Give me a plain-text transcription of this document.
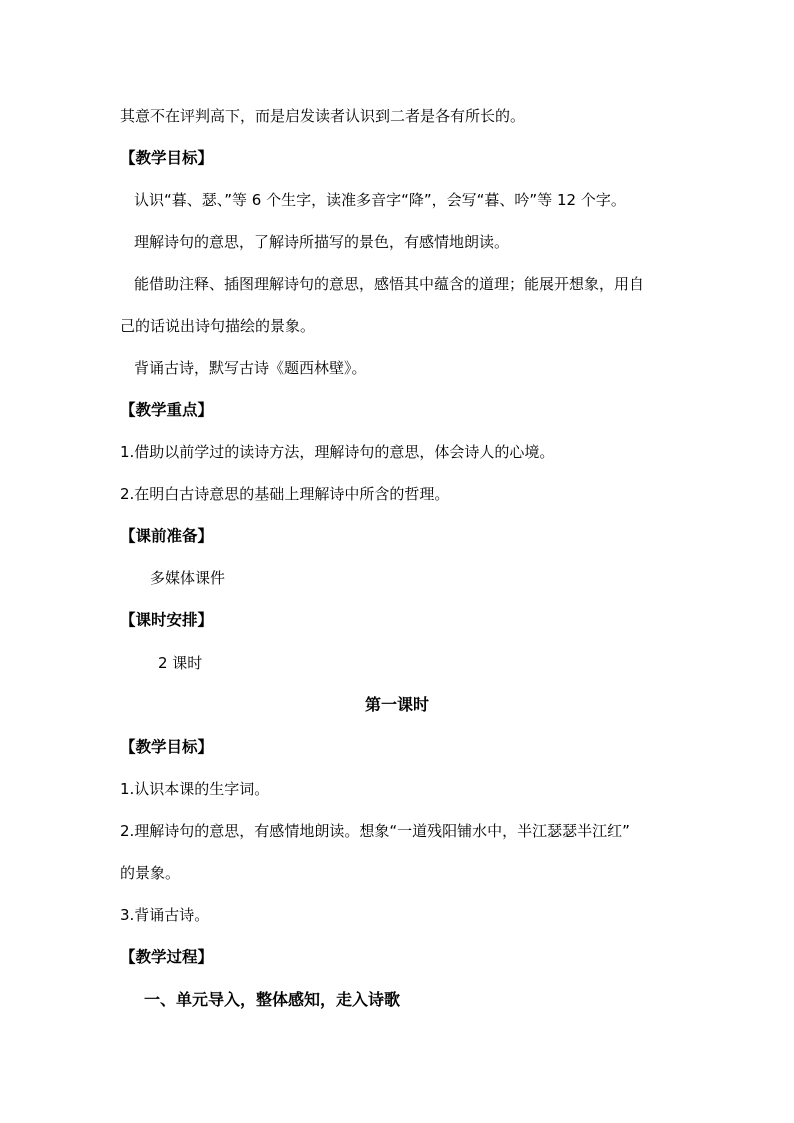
其意不在评判高下，而是启发读者认识到二者是各有所长的。
【教学目标】
认识“暮、瑟、”等 6 个生字，读准多音字“降”，会写“暮、吟”等 12 个字。
理解诗句的意思，了解诗所描写的景色，有感情地朗读。
能借助注释、插图理解诗句的意思，感悟其中蕴含的道理；能展开想象，用自
己的话说出诗句描绘的景象。
背诵古诗，默写古诗《题西林壁》。
【教学重点】
1.借助以前学过的读诗方法，理解诗句的意思，体会诗人的心境。
2.在明白古诗意思的基础上理解诗中所含的哲理。
【课前准备】
多媒体课件
【课时安排】
2 课时
第一课时
【教学目标】
1.认识本课的生字词。
2.理解诗句的意思，有感情地朗读。想象“一道残阳铺水中，半江瑟瑟半江红”
的景象。
3.背诵古诗。
【教学过程】
一、单元导入，整体感知，走入诗歌
